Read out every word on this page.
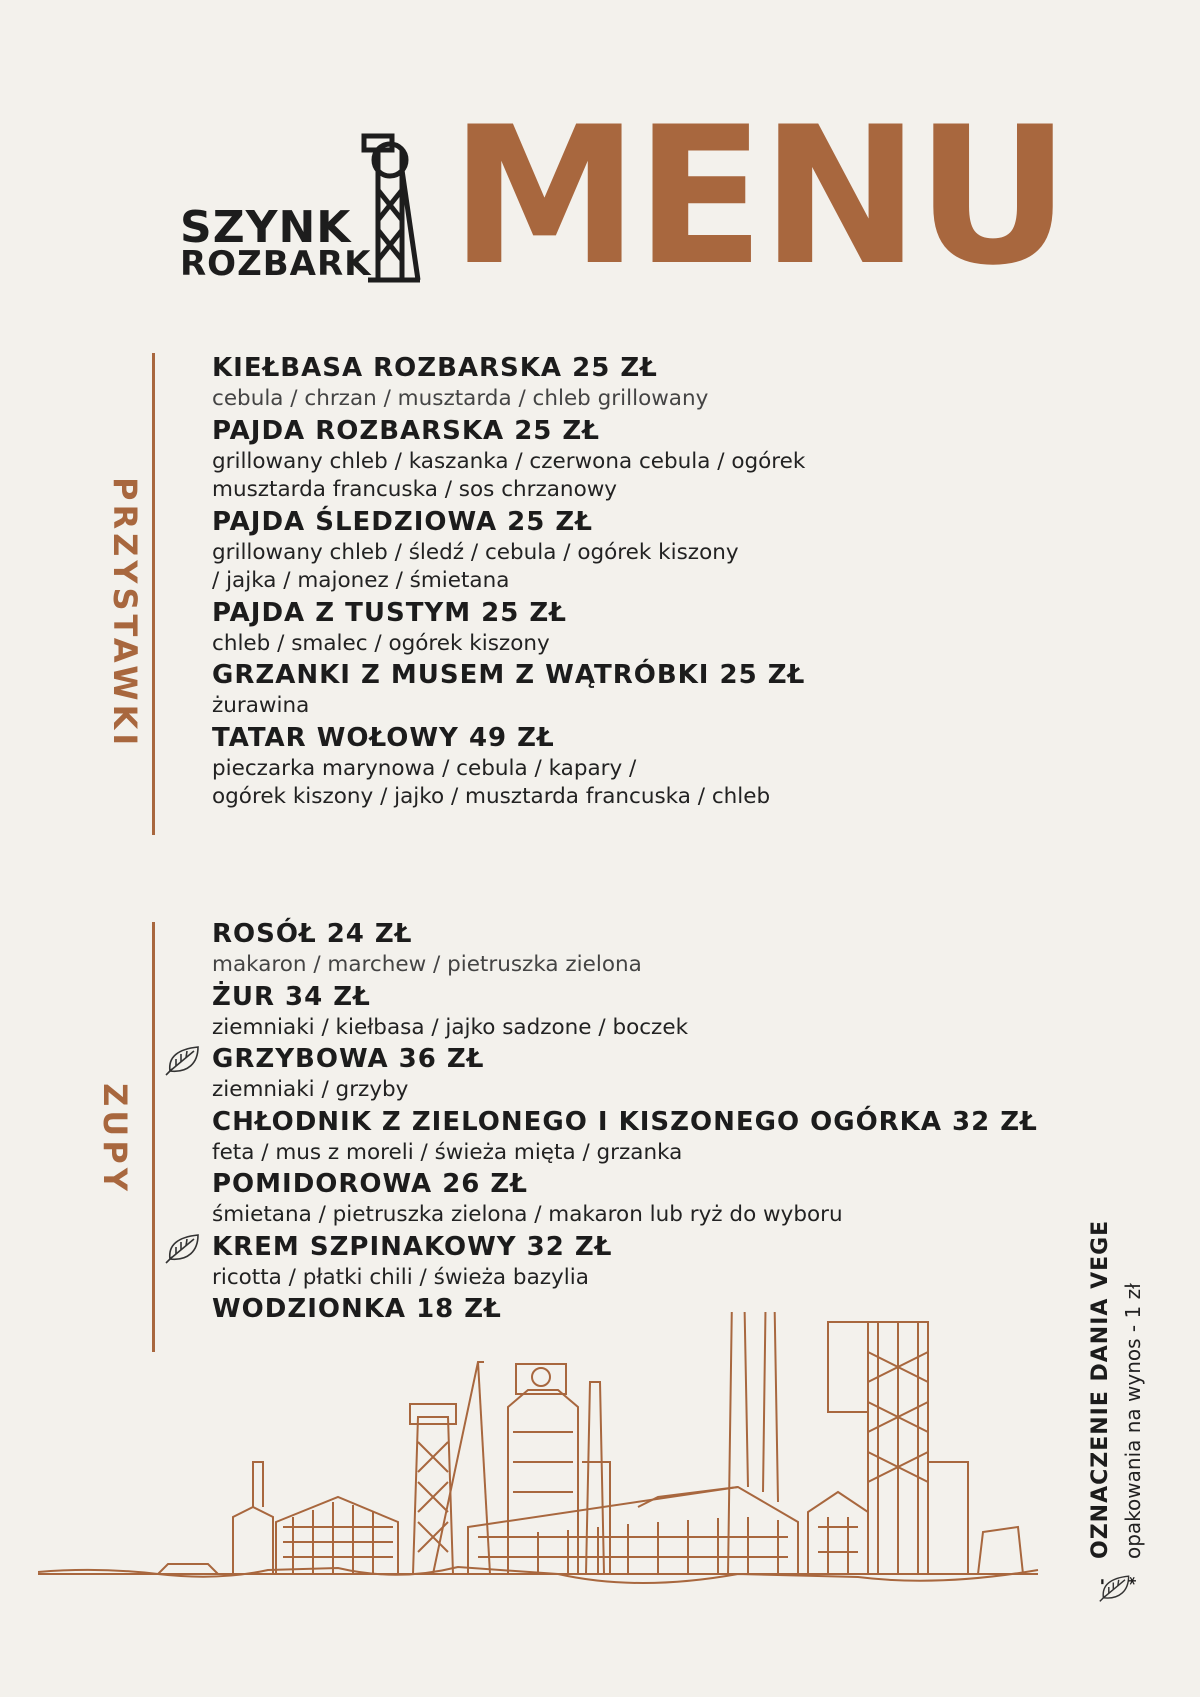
SZYNK
ROZBARK MENU
PRZYSTAWKI
KIEŁBASA ROZBARSKA 25 ZŁ
cebula / chrzan / musztarda / chleb grillowany
PAJDA ROZBARSKA 25 ZŁ
grillowany chleb / kaszanka / czerwona cebula / ogórek
musztarda francuska / sos chrzanowy
PAJDA ŚLEDZIOWA 25 ZŁ
grillowany chleb / śledź / cebula / ogórek kiszony
/ jajka / majonez / śmietana
PAJDA Z TUSTYM 25 ZŁ
chleb / smalec / ogórek kiszony
GRZANKI Z MUSEM Z WĄTRÓBKI 25 ZŁ
żurawina
TATAR WOŁOWY 49 ZŁ
pieczarka marynowa / cebula / kapary /
ogórek kiszony / jajko / musztarda francuska / chleb
ZUPY
ROSÓŁ 24 ZŁ
makaron / marchew / pietruszka zielona
ŻUR 34 ZŁ
ziemniaki / kiełbasa / jajko sadzone / boczek
GRZYBOWA 36 ZŁ
ziemniaki / grzyby
CHŁODNIK Z ZIELONEGO I KISZONEGO OGÓRKA 32 ZŁ
feta / mus z moreli / świeża mięta / grzanka
POMIDOROWA 26 ZŁ
śmietana / pietruszka zielona / makaron lub ryż do wyboru
KREM SZPINAKOWY 32 ZŁ
ricotta / płatki chili / świeża bazylia
WODZIONKA 18 ZŁ
-OZNACZENIE DANIA VEGE
*opakowania na wynos - 1 zł
